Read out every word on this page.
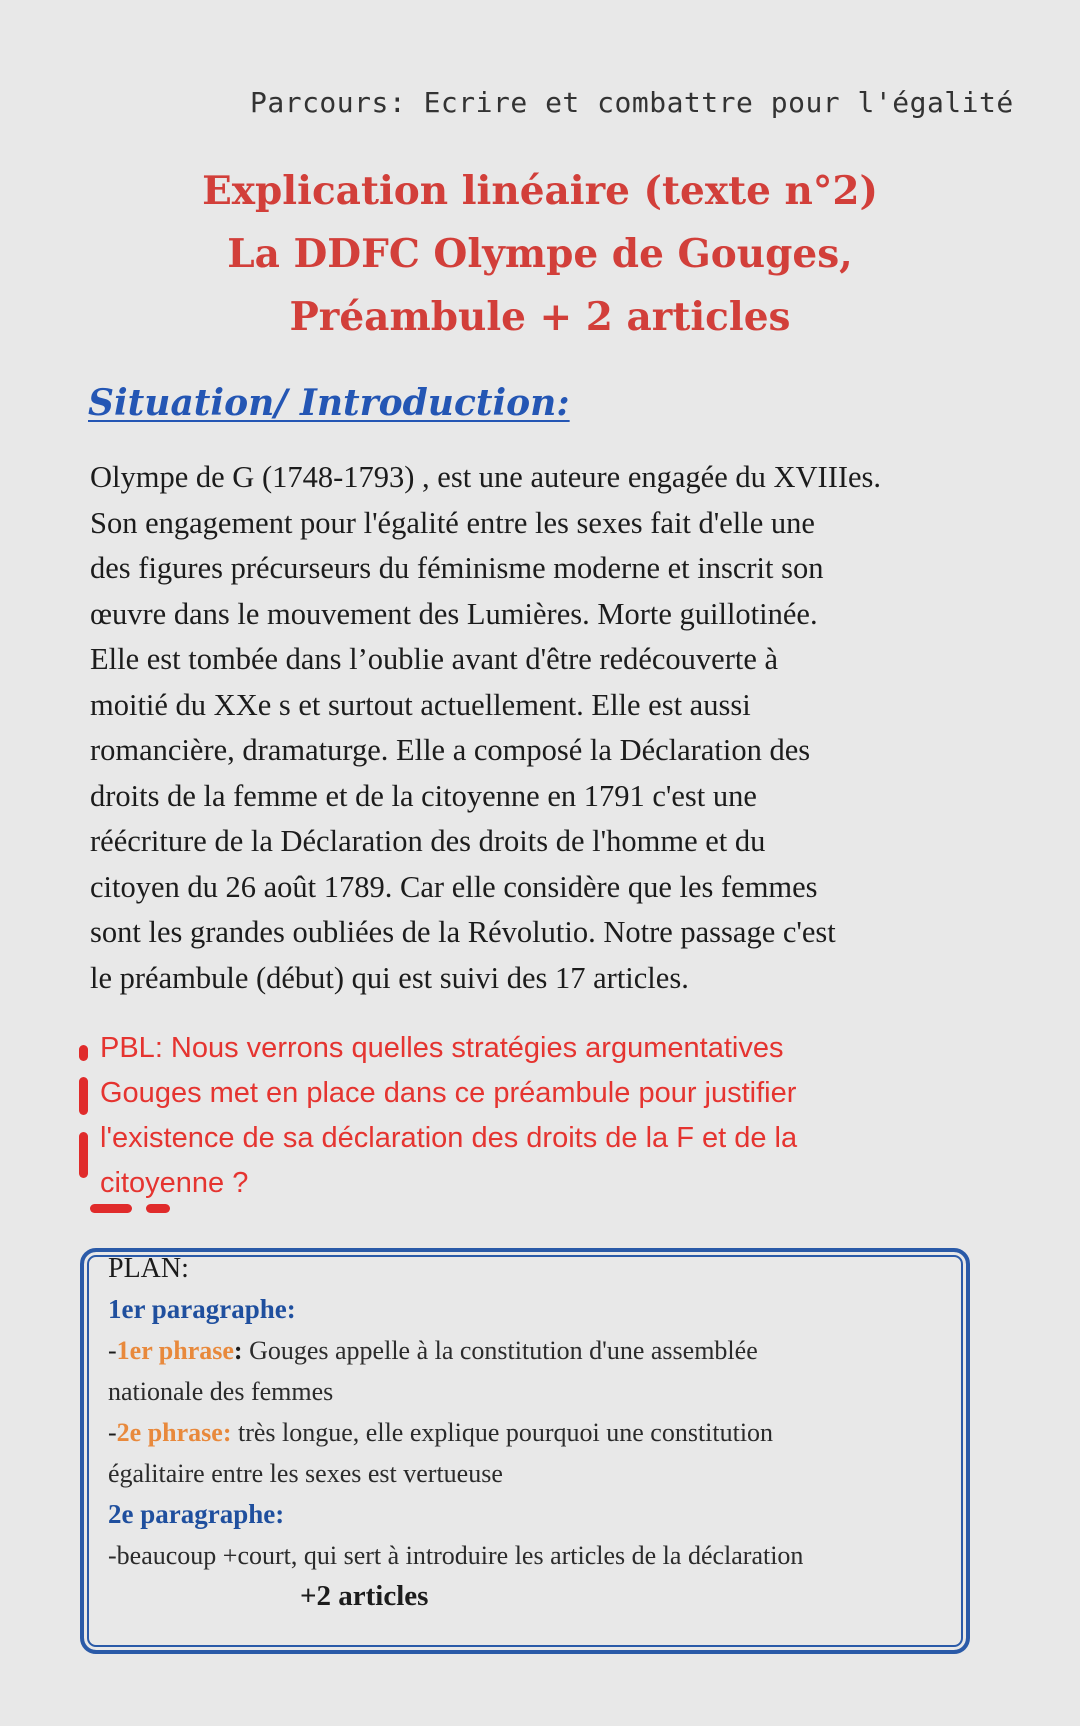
Parcours: Ecrire et combattre pour l'égalité
Explication linéaire (texte n°2)
La DDFC Olympe de Gouges,
Préambule + 2 articles
Situation/ Introduction:
Olympe de G (1748-1793) , est une auteure engagée du XVIIIes.
Son engagement pour l'égalité entre les sexes fait d'elle une
des figures précurseurs du féminisme moderne et inscrit son
œuvre dans le mouvement des Lumières. Morte guillotinée.
Elle est tombée dans l’oublie avant d'être redécouverte à
moitié du XXe s et surtout actuellement. Elle est aussi
romancière, dramaturge. Elle a composé la Déclaration des
droits de la femme et de la citoyenne en 1791 c'est une
réécriture de la Déclaration des droits de l'homme et du
citoyen du 26 août 1789. Car elle considère que les femmes
sont les grandes oubliées de la Révolutio. Notre passage c'est
le préambule (début) qui est suivi des 17 articles.
PBL: Nous verrons quelles stratégies argumentatives
Gouges met en place dans ce préambule pour justifier
l'existence de sa déclaration des droits de la F et de la
citoyenne ?
PLAN:
1er paragraphe:
-1er phrase: Gouges appelle à la constitution d'une assemblée
nationale des femmes
-2e phrase: très longue, elle explique pourquoi une constitution
égalitaire entre les sexes est vertueuse
2e paragraphe:
-beaucoup +court, qui sert à introduire les articles de la déclaration
+2 articles
